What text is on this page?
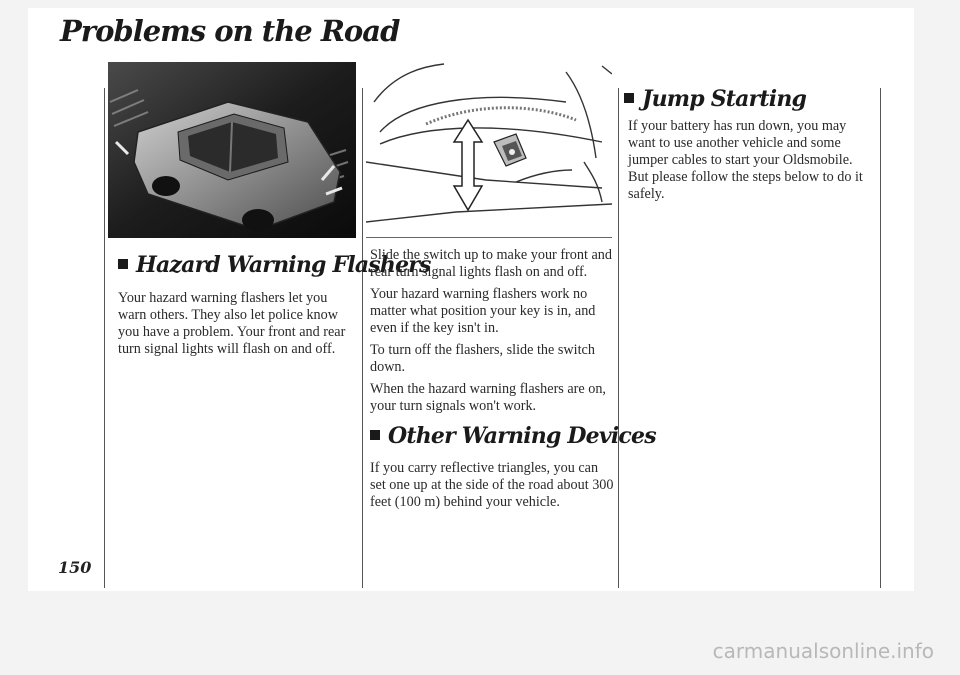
Problems on the Road
150
Hazard Warning Flashers

Your hazard warning flashers let you warn others. They also let police know you have a problem. Your front and rear turn signal lights will flash on and off.

Slide the switch up to make your front and rear turn signal lights flash on and off.

Your hazard warning flashers work no matter what position your key is in, and even if the key isn't in.

To turn off the flashers, slide the switch down.

When the hazard warning flashers are on, your turn signals won't work.

Other Warning Devices

If you carry reflective triangles, you can set one up at the side of the road about 300 feet (100 m) behind your vehicle.

Jump Starting

If your battery has run down, you may want to use another vehicle and some jumper cables to start your Oldsmobile. But please follow the steps below to do it safely.

carmanualsonline.info
